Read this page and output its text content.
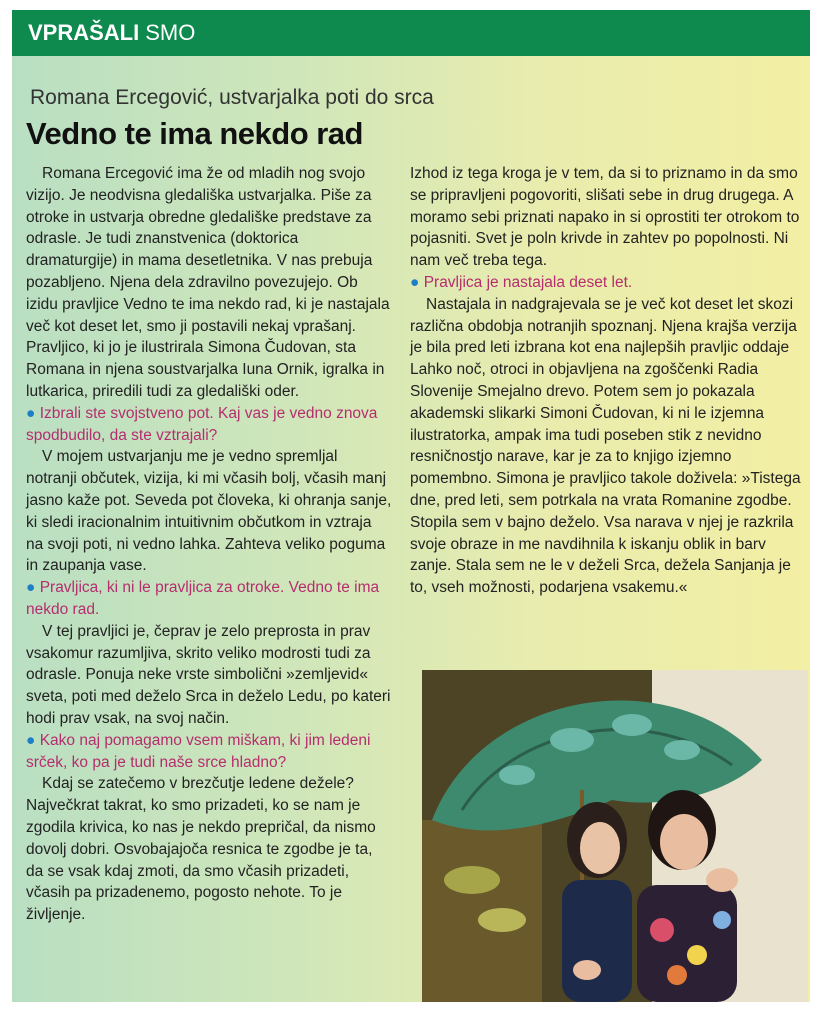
VPRAŠALI SMO
Romana Ercegović, ustvarjalka poti do srca
Vedno te ima nekdo rad

Romana Ercegović ima že od mladih nog svojo vizijo. Je neodvisna gledališka ustvarjalka. Piše za otroke in ustvarja obredne gledališke predstave za odrasle. Je tudi znanstvenica (doktorica dramaturgije) in mama desetletnika. V nas prebuja pozabljeno. Njena dela zdravilno povezujejo. Ob izidu pravljice Vedno te ima nekdo rad, ki je nastajala več kot deset let, smo ji postavili nekaj vprašanj. Pravljico, ki jo je ilustrirala Simona Čudovan, sta Romana in njena soustvarjalka Iuna Ornik, igralka in lutkarica, priredili tudi za gledališki oder.

● Izbrali ste svojstveno pot. Kaj vas je vedno znova spodbudilo, da ste vztrajali?

V mojem ustvarjanju me je vedno spremljal notranji občutek, vizija, ki mi včasih bolj, včasih manj jasno kaže pot. Seveda pot človeka, ki ohranja sanje, ki sledi iracionalnim intuitivnim občutkom in vztraja na svoji poti, ni vedno lahka. Zahteva veliko poguma in zaupanja vase.

● Pravljica, ki ni le pravljica za otroke. Vedno te ima nekdo rad.

V tej pravljici je, čeprav je zelo preprosta in prav vsakomur razumljiva, skrito veliko modrosti tudi za odrasle. Ponuja neke vrste simbolični »zemljevid« sveta, poti med deželo Srca in deželo Ledu, po kateri hodi prav vsak, na svoj način.

● Kako naj pomagamo vsem miškam, ki jim ledeni srček, ko pa je tudi naše srce hladno?

Kdaj se zatečemo v brezčutje ledene dežele? Največkrat takrat, ko smo prizadeti, ko se nam je zgodila krivica, ko nas je nekdo prepričal, da nismo dovolj dobri. Osvobajajoča resnica te zgodbe je ta, da se vsak kdaj zmoti, da smo včasih prizadeti, včasih pa prizadenemo, pogosto nehote. To je življenje.

Izhod iz tega kroga je v tem, da si to priznamo in da smo se pripravljeni pogovoriti, slišati sebe in drug drugega. A moramo sebi priznati napako in si oprostiti ter otrokom to pojasniti. Svet je poln krivde in zahtev po popolnosti. Ni nam več treba tega.

● Pravljica je nastajala deset let.

Nastajala in nadgrajevala se je več kot deset let skozi različna obdobja notranjih spoznanj. Njena krajša verzija je bila pred leti izbrana kot ena najlepših pravljic oddaje Lahko noč, otroci in objavljena na zgoščenki Radia Slovenije Smejalno drevo. Potem sem jo pokazala akademski slikarki Simoni Čudovan, ki ni le izjemna ilustratorka, ampak ima tudi poseben stik z nevidno resničnostjo narave, kar je za to knjigo izjemno pomembno. Simona je pravljico takole doživela: »Tistega dne, pred leti, sem potrkala na vrata Romanine zgodbe. Stopila sem v bajno deželo. Vsa narava v njej je razkrila svoje obraze in me navdihnila k iskanju oblik in barv zanje. Stala sem ne le v deželi Srca, dežela Sanjanja je to, vseh možnosti, podarjena vsakemu.«
